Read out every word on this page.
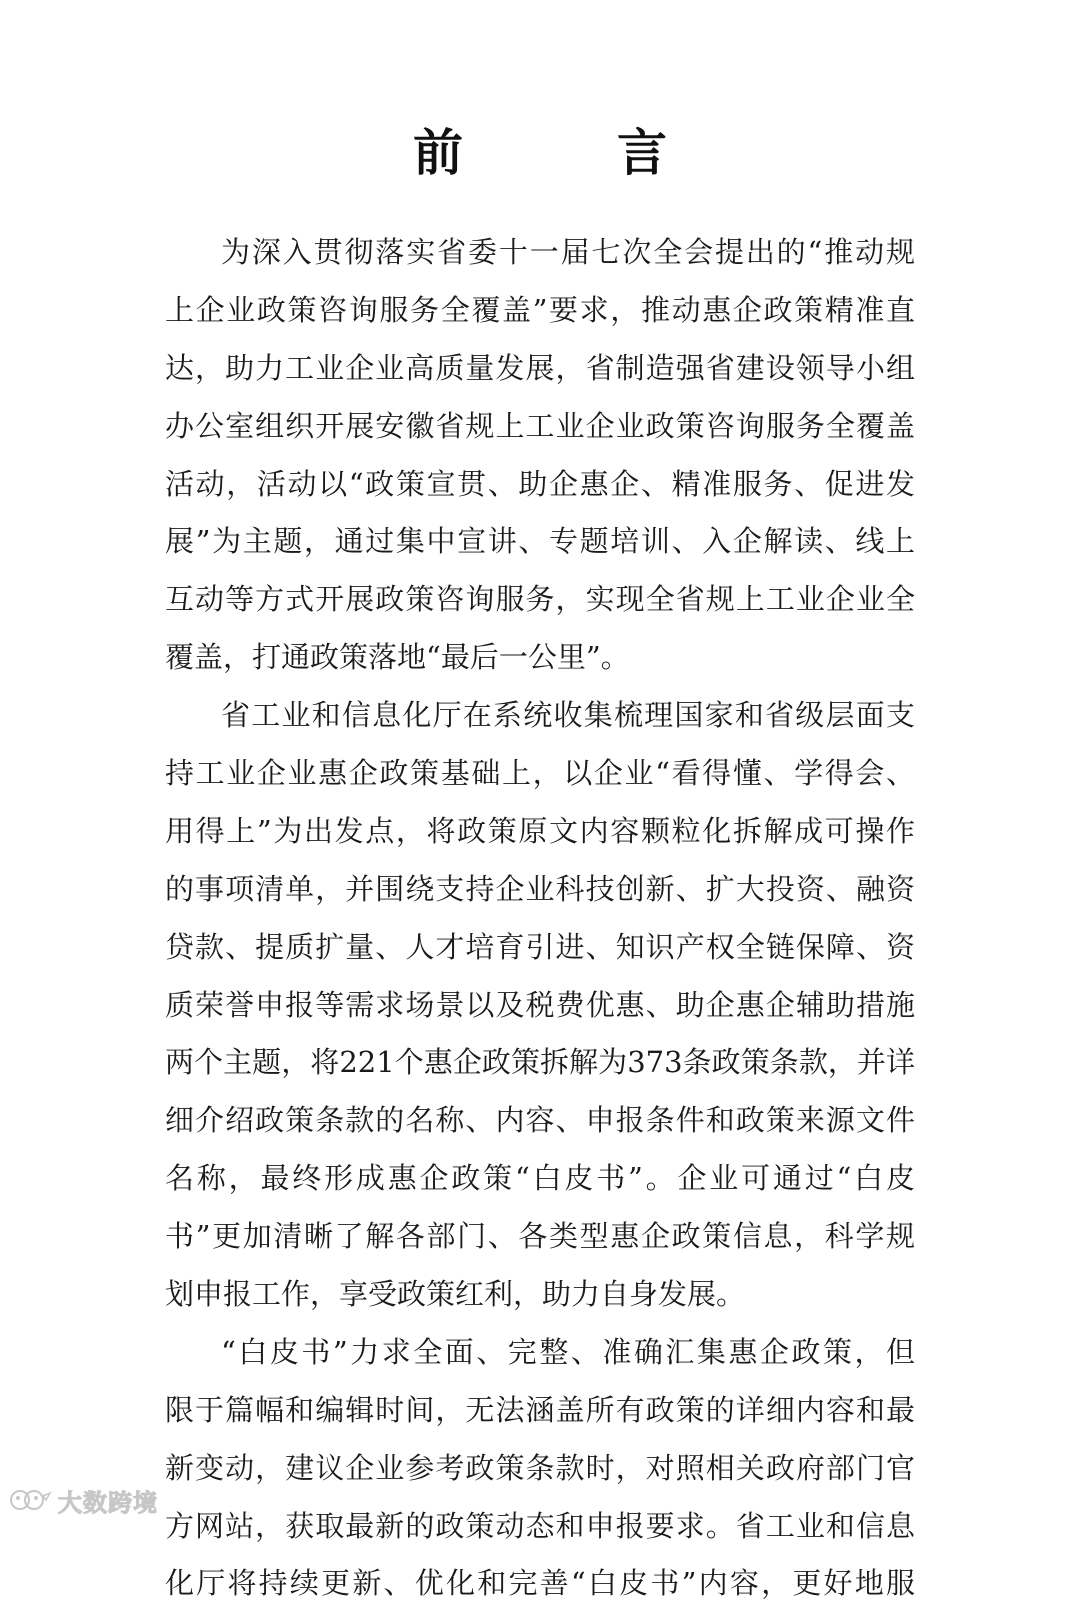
前　言
为深入贯彻落实省委十一届七次全会提出的“推动规
上企业政策咨询服务全覆盖”要求，推动惠企政策精准直
达，助力工业企业高质量发展，省制造强省建设领导小组
办公室组织开展安徽省规上工业企业政策咨询服务全覆盖
活动，活动以“政策宣贯、助企惠企、精准服务、促进发
展”为主题，通过集中宣讲、专题培训、入企解读、线上
互动等方式开展政策咨询服务，实现全省规上工业企业全
覆盖，打通政策落地“最后一公里”。
省工业和信息化厅在系统收集梳理国家和省级层面支
持工业企业惠企政策基础上，以企业“看得懂、学得会、
用得上”为出发点，将政策原文内容颗粒化拆解成可操作
的事项清单，并围绕支持企业科技创新、扩大投资、融资
贷款、提质扩量、人才培育引进、知识产权全链保障、资
质荣誉申报等需求场景以及税费优惠、助企惠企辅助措施
两个主题，将221个惠企政策拆解为373条政策条款，并详
细介绍政策条款的名称、内容、申报条件和政策来源文件
名称，最终形成惠企政策“白皮书”。企业可通过“白皮
书”更加清晰了解各部门、各类型惠企政策信息，科学规
划申报工作，享受政策红利，助力自身发展。
“白皮书”力求全面、完整、准确汇集惠企政策，但
限于篇幅和编辑时间，无法涵盖所有政策的详细内容和最
新变动，建议企业参考政策条款时，对照相关政府部门官
方网站，获取最新的政策动态和申报要求。省工业和信息
化厅将持续更新、优化和完善“白皮书”内容，更好地服
大数跨境
